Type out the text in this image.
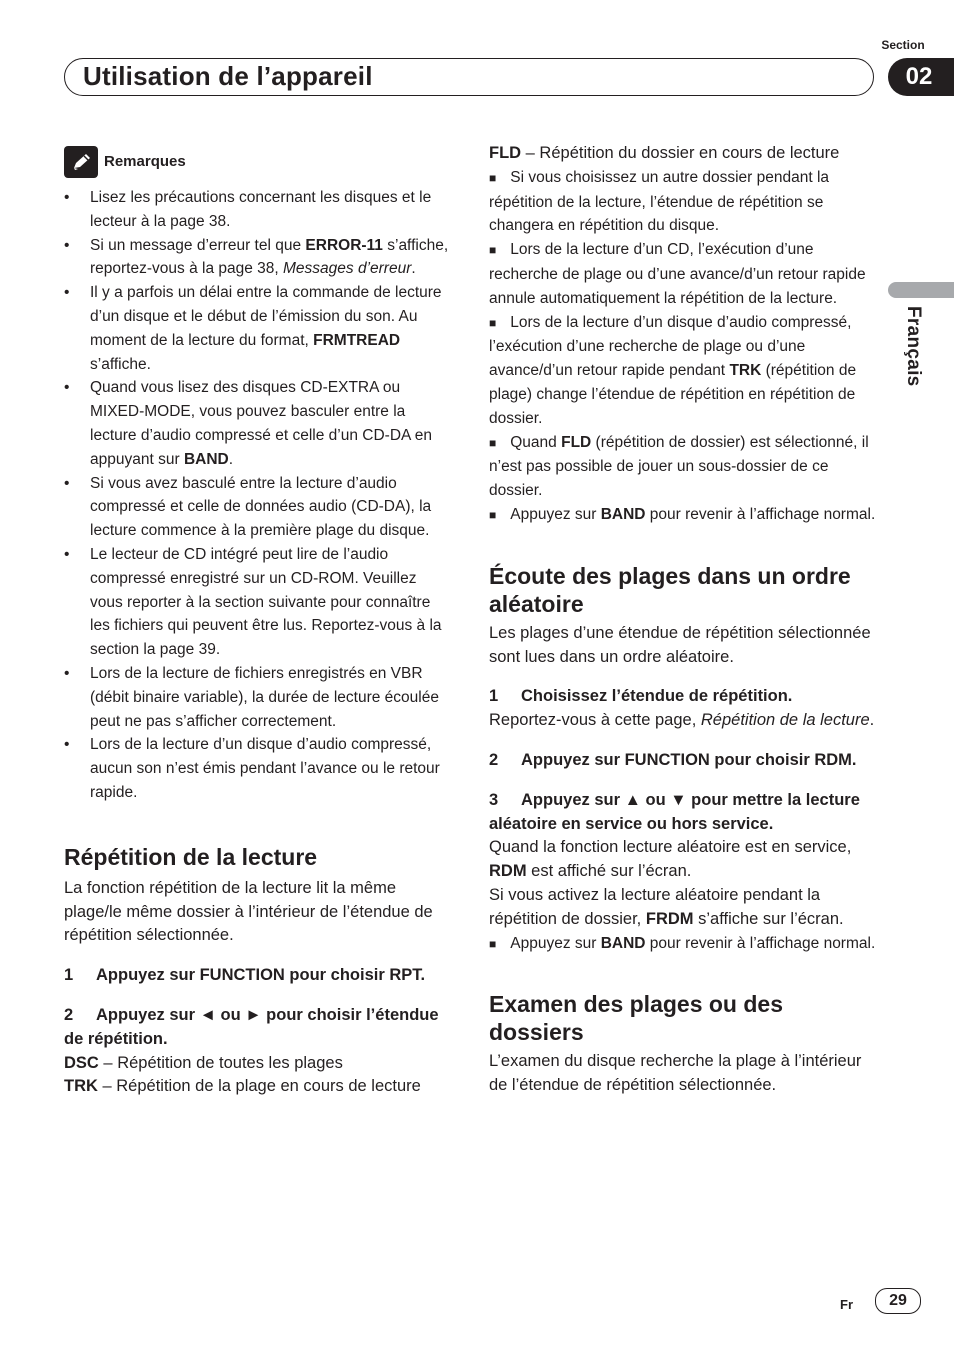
Section
Utilisation de l’appareil	02
Français
Remarques

• Lisez les précautions concernant les disques et le lecteur à la page 38.

• Si un message d’erreur tel que ERROR-11 s’affiche, reportez-vous à la page 38, Messages d’erreur.

• Il y a parfois un délai entre la commande de lecture d’un disque et le début de l’émission du son. Au moment de la lecture du format, FRMTREAD s’affiche.

• Quand vous lisez des disques CD-EXTRA ou MIXED-MODE, vous pouvez basculer entre la lecture d’audio compressé et celle d’un CD-DA en appuyant sur BAND.

• Si vous avez basculé entre la lecture d’audio compressé et celle de données audio (CD-DA), la lecture commence à la première plage du disque.

• Le lecteur de CD intégré peut lire de l’audio compressé enregistré sur un CD-ROM. Veuillez vous reporter à la section suivante pour connaître les fichiers qui peuvent être lus. Reportez-vous à la section la page 39.

• Lors de la lecture de fichiers enregistrés en VBR (débit binaire variable), la durée de lecture écoulée peut ne pas s’afficher correctement.

• Lors de la lecture d’un disque d’audio compressé, aucun son n’est émis pendant l’avance ou le retour rapide.

Répétition de la lecture

La fonction répétition de la lecture lit la même plage/le même dossier à l’intérieur de l’étendue de répétition sélectionnée.

1 Appuyez sur FUNCTION pour choisir RPT.

2 Appuyez sur ◄ ou ► pour choisir l’étendue de répétition.

DSC – Répétition de toutes les plages

TRK – Répétition de la plage en cours de lecture

FLD – Répétition du dossier en cours de lecture

■ Si vous choisissez un autre dossier pendant la répétition de la lecture, l’étendue de répétition se changera en répétition du disque.

■ Lors de la lecture d’un CD, l’exécution d’une recherche de plage ou d’une avance/d’un retour rapide annule automatiquement la répétition de la lecture.

■ Lors de la lecture d’un disque d’audio compressé, l’exécution d’une recherche de plage ou d’une avance/d’un retour rapide pendant TRK (répétition de plage) change l’étendue de répétition en répétition de dossier.

■ Quand FLD (répétition de dossier) est sélectionné, il n’est pas possible de jouer un sous-dossier de ce dossier.

■ Appuyez sur BAND pour revenir à l’affichage normal.

Écoute des plages dans un ordre aléatoire

Les plages d’une étendue de répétition sélectionnée sont lues dans un ordre aléatoire.

1 Choisissez l’étendue de répétition.

Reportez-vous à cette page, Répétition de la lecture.

2 Appuyez sur FUNCTION pour choisir RDM.

3 Appuyez sur ▲ ou ▼ pour mettre la lecture aléatoire en service ou hors service.

Quand la fonction lecture aléatoire est en service, RDM est affiché sur l’écran.

Si vous activez la lecture aléatoire pendant la répétition de dossier, FRDM s’affiche sur l’écran.

■ Appuyez sur BAND pour revenir à l’affichage normal.

Examen des plages ou des dossiers

L’examen du disque recherche la plage à l’intérieur de l’étendue de répétition sélectionnée.

Fr	29
